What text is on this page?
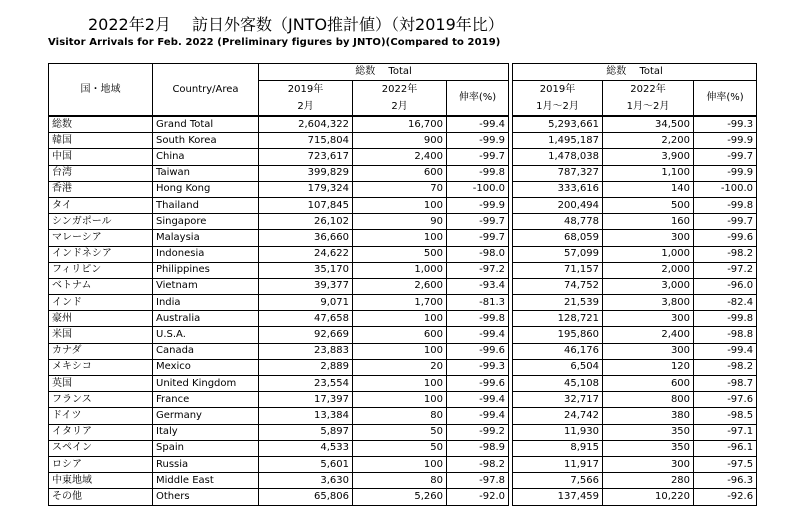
2022年2月　 訪日外客数（JNTO推計値）（対2019年比）
Visitor Arrivals for Feb. 2022 (Preliminary figures by JNTO)(Compared to 2019)
国・地域	Country/Area	総数　 Total				総数　 Total		
		2019年	2022年	伸率(%)		2019年	2022年	伸率(%)
		2月	2月			1月～2月	1月～2月	
総数	Grand Total	2,604,322	16,700	-99.4		5,293,661	34,500	-99.3
韓国	South Korea	715,804	900	-99.9		1,495,187	2,200	-99.9
中国	China	723,617	2,400	-99.7		1,478,038	3,900	-99.7
台湾	Taiwan	399,829	600	-99.8		787,327	1,100	-99.9
香港	Hong Kong	179,324	70	-100.0		333,616	140	-100.0
タイ	Thailand	107,845	100	-99.9		200,494	500	-99.8
シンガポール	Singapore	26,102	90	-99.7		48,778	160	-99.7
マレーシア	Malaysia	36,660	100	-99.7		68,059	300	-99.6
インドネシア	Indonesia	24,622	500	-98.0		57,099	1,000	-98.2
フィリピン	Philippines	35,170	1,000	-97.2		71,157	2,000	-97.2
ベトナム	Vietnam	39,377	2,600	-93.4		74,752	3,000	-96.0
インド	India	9,071	1,700	-81.3		21,539	3,800	-82.4
豪州	Australia	47,658	100	-99.8		128,721	300	-99.8
米国	U.S.A.	92,669	600	-99.4		195,860	2,400	-98.8
カナダ	Canada	23,883	100	-99.6		46,176	300	-99.4
メキシコ	Mexico	2,889	20	-99.3		6,504	120	-98.2
英国	United Kingdom	23,554	100	-99.6		45,108	600	-98.7
フランス	France	17,397	100	-99.4		32,717	800	-97.6
ドイツ	Germany	13,384	80	-99.4		24,742	380	-98.5
イタリア	Italy	5,897	50	-99.2		11,930	350	-97.1
スペイン	Spain	4,533	50	-98.9		8,915	350	-96.1
ロシア	Russia	5,601	100	-98.2		11,917	300	-97.5
中東地域	Middle East	3,630	80	-97.8		7,566	280	-96.3
その他	Others	65,806	5,260	-92.0		137,459	10,220	-92.6
